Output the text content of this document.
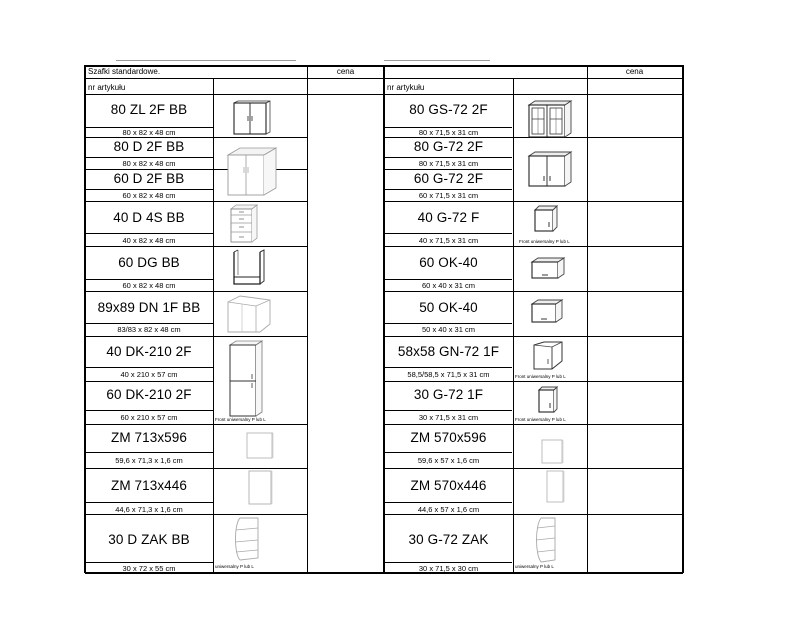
Szafki standardowe.	cena	cena
nr artykułu	nr artykułu
80 ZL 2F BB
80 x 82 x 48 cm
80 D 2F BB
80 x 82 x 48 cm
60 D 2F BB
60 x 82 x 48 cm
40 D 4S BB
40 x 82 x 48 cm
60 DG BB
60 x 82 x 48 cm
89x89 DN 1F BB
83/83 x 82 x 48 cm
40 DK-210 2F
40 x 210 x 57 cm
60 DK-210 2F
60 x 210 x 57 cm	Front uniwersalny P lub L
ZM 713x596
59,6 x 71,3 x 1,6 cm
ZM 713x446
44,6 x 71,3 x 1,6 cm
30 D ZAK BB
30 x 72 x 55 cm	uniwersalny P lub L
80 GS-72 2F
80 x 71,5 x 31 cm
80 G-72 2F
80 x 71,5 x 31 cm
60 G-72 2F
60 x 71,5 x 31 cm
40 G-72 F
40 x 71,5 x 31 cm	Front uniwersalny P lub L
60 OK-40
60 x 40 x 31 cm
50 OK-40
50 x 40 x 31 cm
58x58 GN-72 1F
58,5/58,5 x 71,5 x 31 cm	Front uniwersalny P lub L
30 G-72 1F
30 x 71,5 x 31 cm	Front uniwersalny P lub L
ZM 570x596
59,6 x 57 x 1,6 cm
ZM 570x446
44,6 x 57 x 1,6 cm
30 G-72 ZAK
30 x 71,5 x 30 cm	uniwersalny P lub L
